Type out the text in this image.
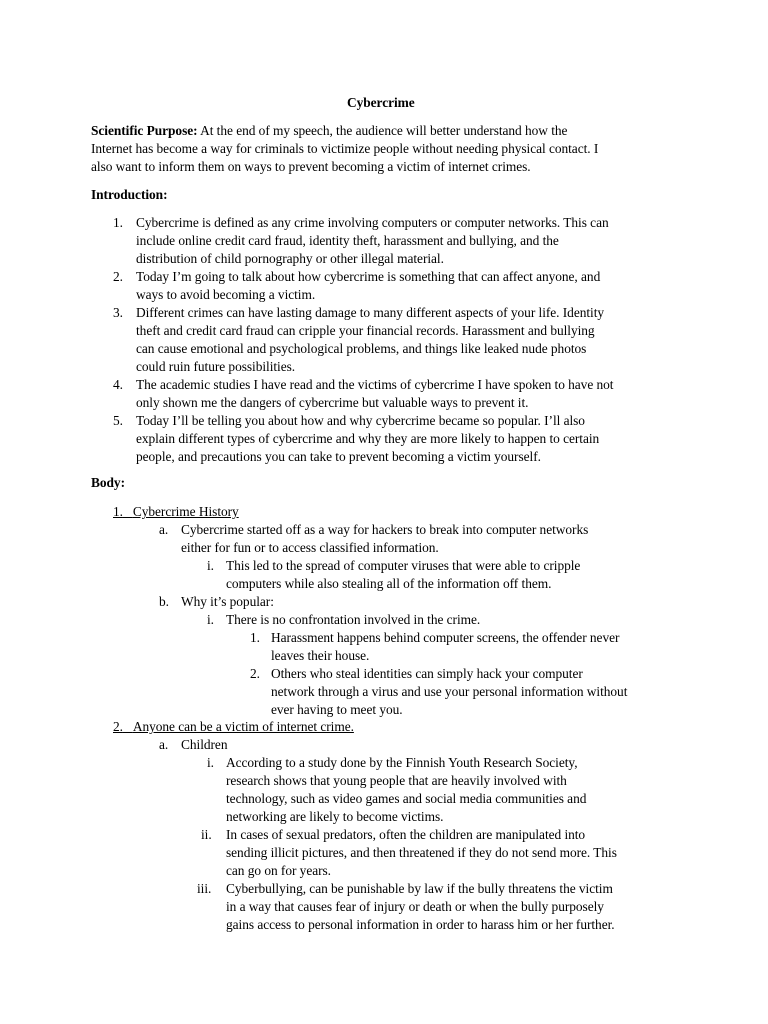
Cybercrime
Scientific Purpose: At the end of my speech, the audience will better understand how the
Internet has become a way for criminals to victimize people without needing physical contact. I
also want to inform them on ways to prevent becoming a victim of internet crimes.
Introduction:
1. Cybercrime is defined as any crime involving computers or computer networks. This can
include online credit card fraud, identity theft, harassment and bullying, and the
distribution of child pornography or other illegal material.
2. Today I’m going to talk about how cybercrime is something that can affect anyone, and
ways to avoid becoming a victim.
3. Different crimes can have lasting damage to many different aspects of your life. Identity
theft and credit card fraud can cripple your financial records. Harassment and bullying
can cause emotional and psychological problems, and things like leaked nude photos
could ruin future possibilities.
4. The academic studies I have read and the victims of cybercrime I have spoken to have not
only shown me the dangers of cybercrime but valuable ways to prevent it.
5. Today I’ll be telling you about how and why cybercrime became so popular. I’ll also
explain different types of cybercrime and why they are more likely to happen to certain
people, and precautions you can take to prevent becoming a victim yourself.
Body:
1. Cybercrime History
a. Cybercrime started off as a way for hackers to break into computer networks
either for fun or to access classified information.
i. This led to the spread of computer viruses that were able to cripple
computers while also stealing all of the information off them.
b. Why it’s popular:
i. There is no confrontation involved in the crime.
1. Harassment happens behind computer screens, the offender never
leaves their house.
2. Others who steal identities can simply hack your computer
network through a virus and use your personal information without
ever having to meet you.
2. Anyone can be a victim of internet crime.
a. Children
i. According to a study done by the Finnish Youth Research Society,
research shows that young people that are heavily involved with
technology, such as video games and social media communities and
networking are likely to become victims.
ii. In cases of sexual predators, often the children are manipulated into
sending illicit pictures, and then threatened if they do not send more. This
can go on for years.
iii. Cyberbullying, can be punishable by law if the bully threatens the victim
in a way that causes fear of injury or death or when the bully purposely
gains access to personal information in order to harass him or her further.
